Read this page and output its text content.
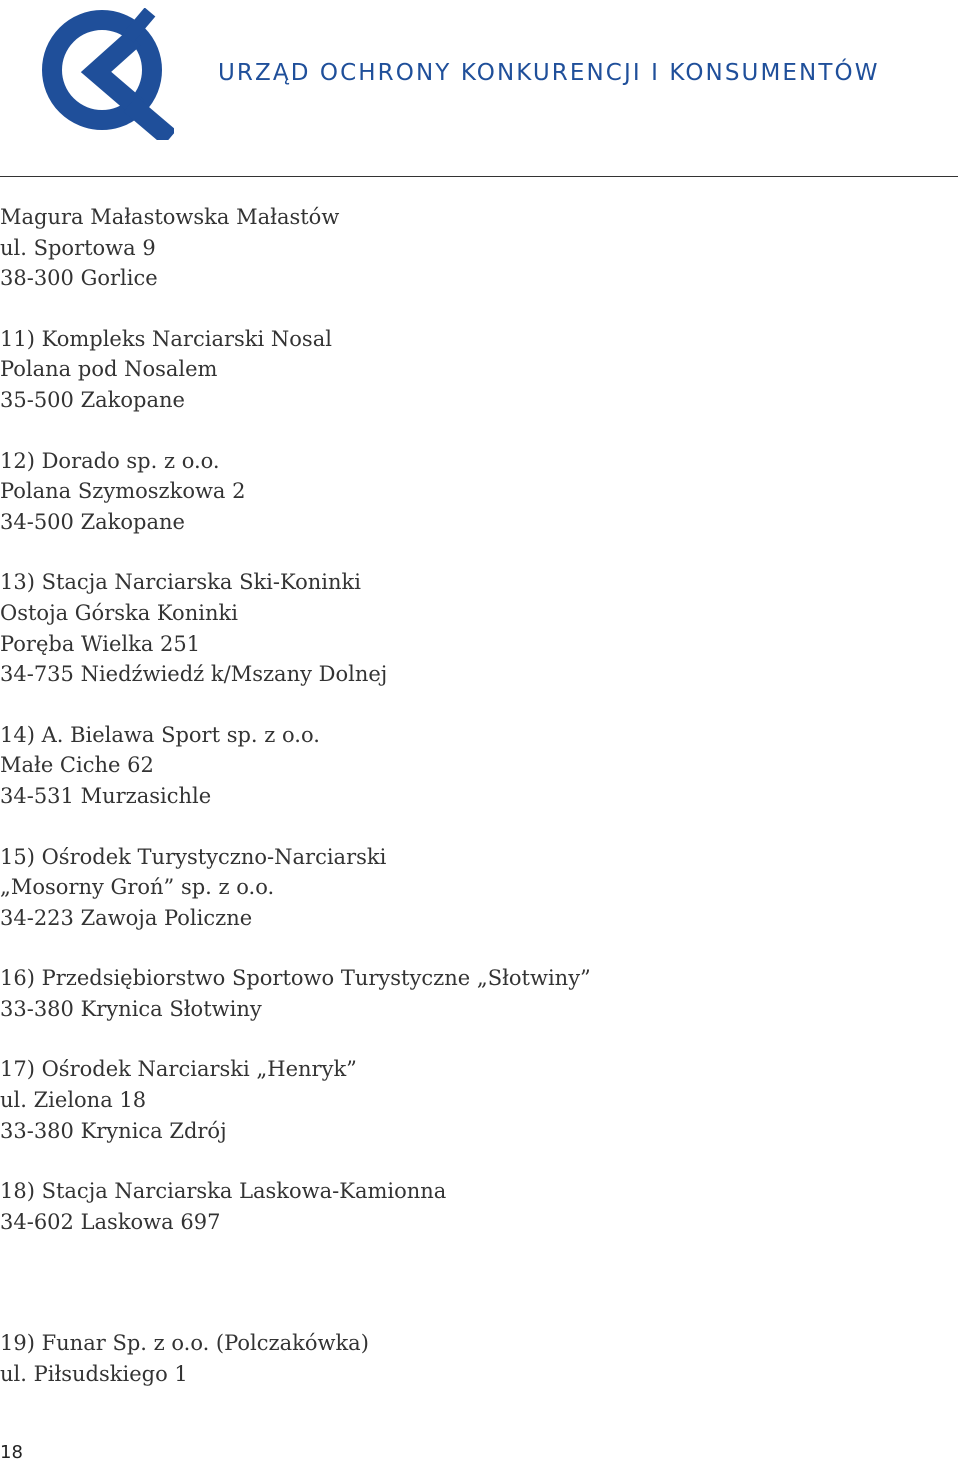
URZĄD OCHRONY KONKURENCJI I KONSUMENTÓW
Magura Małastowska Małastów
ul. Sportowa 9
38-300 Gorlice
11) Kompleks Narciarski Nosal
Polana pod Nosalem
35-500 Zakopane
12) Dorado sp. z o.o.
Polana Szymoszkowa 2
34-500 Zakopane
13) Stacja Narciarska Ski-Koninki
Ostoja Górska Koninki
Poręba Wielka 251
34-735 Niedźwiedź k/Mszany Dolnej
14) A. Bielawa Sport sp. z o.o.
Małe Ciche 62
34-531 Murzasichle
15) Ośrodek Turystyczno-Narciarski
„Mosorny Groń” sp. z o.o.
34-223 Zawoja Policzne
16) Przedsiębiorstwo Sportowo Turystyczne „Słotwiny”
33-380 Krynica Słotwiny
17) Ośrodek Narciarski „Henryk”
ul. Zielona 18
33-380 Krynica Zdrój
18) Stacja Narciarska Laskowa-Kamionna
34-602 Laskowa 697
19) Funar Sp. z o.o. (Polczakówka)
ul. Piłsudskiego 1
18
